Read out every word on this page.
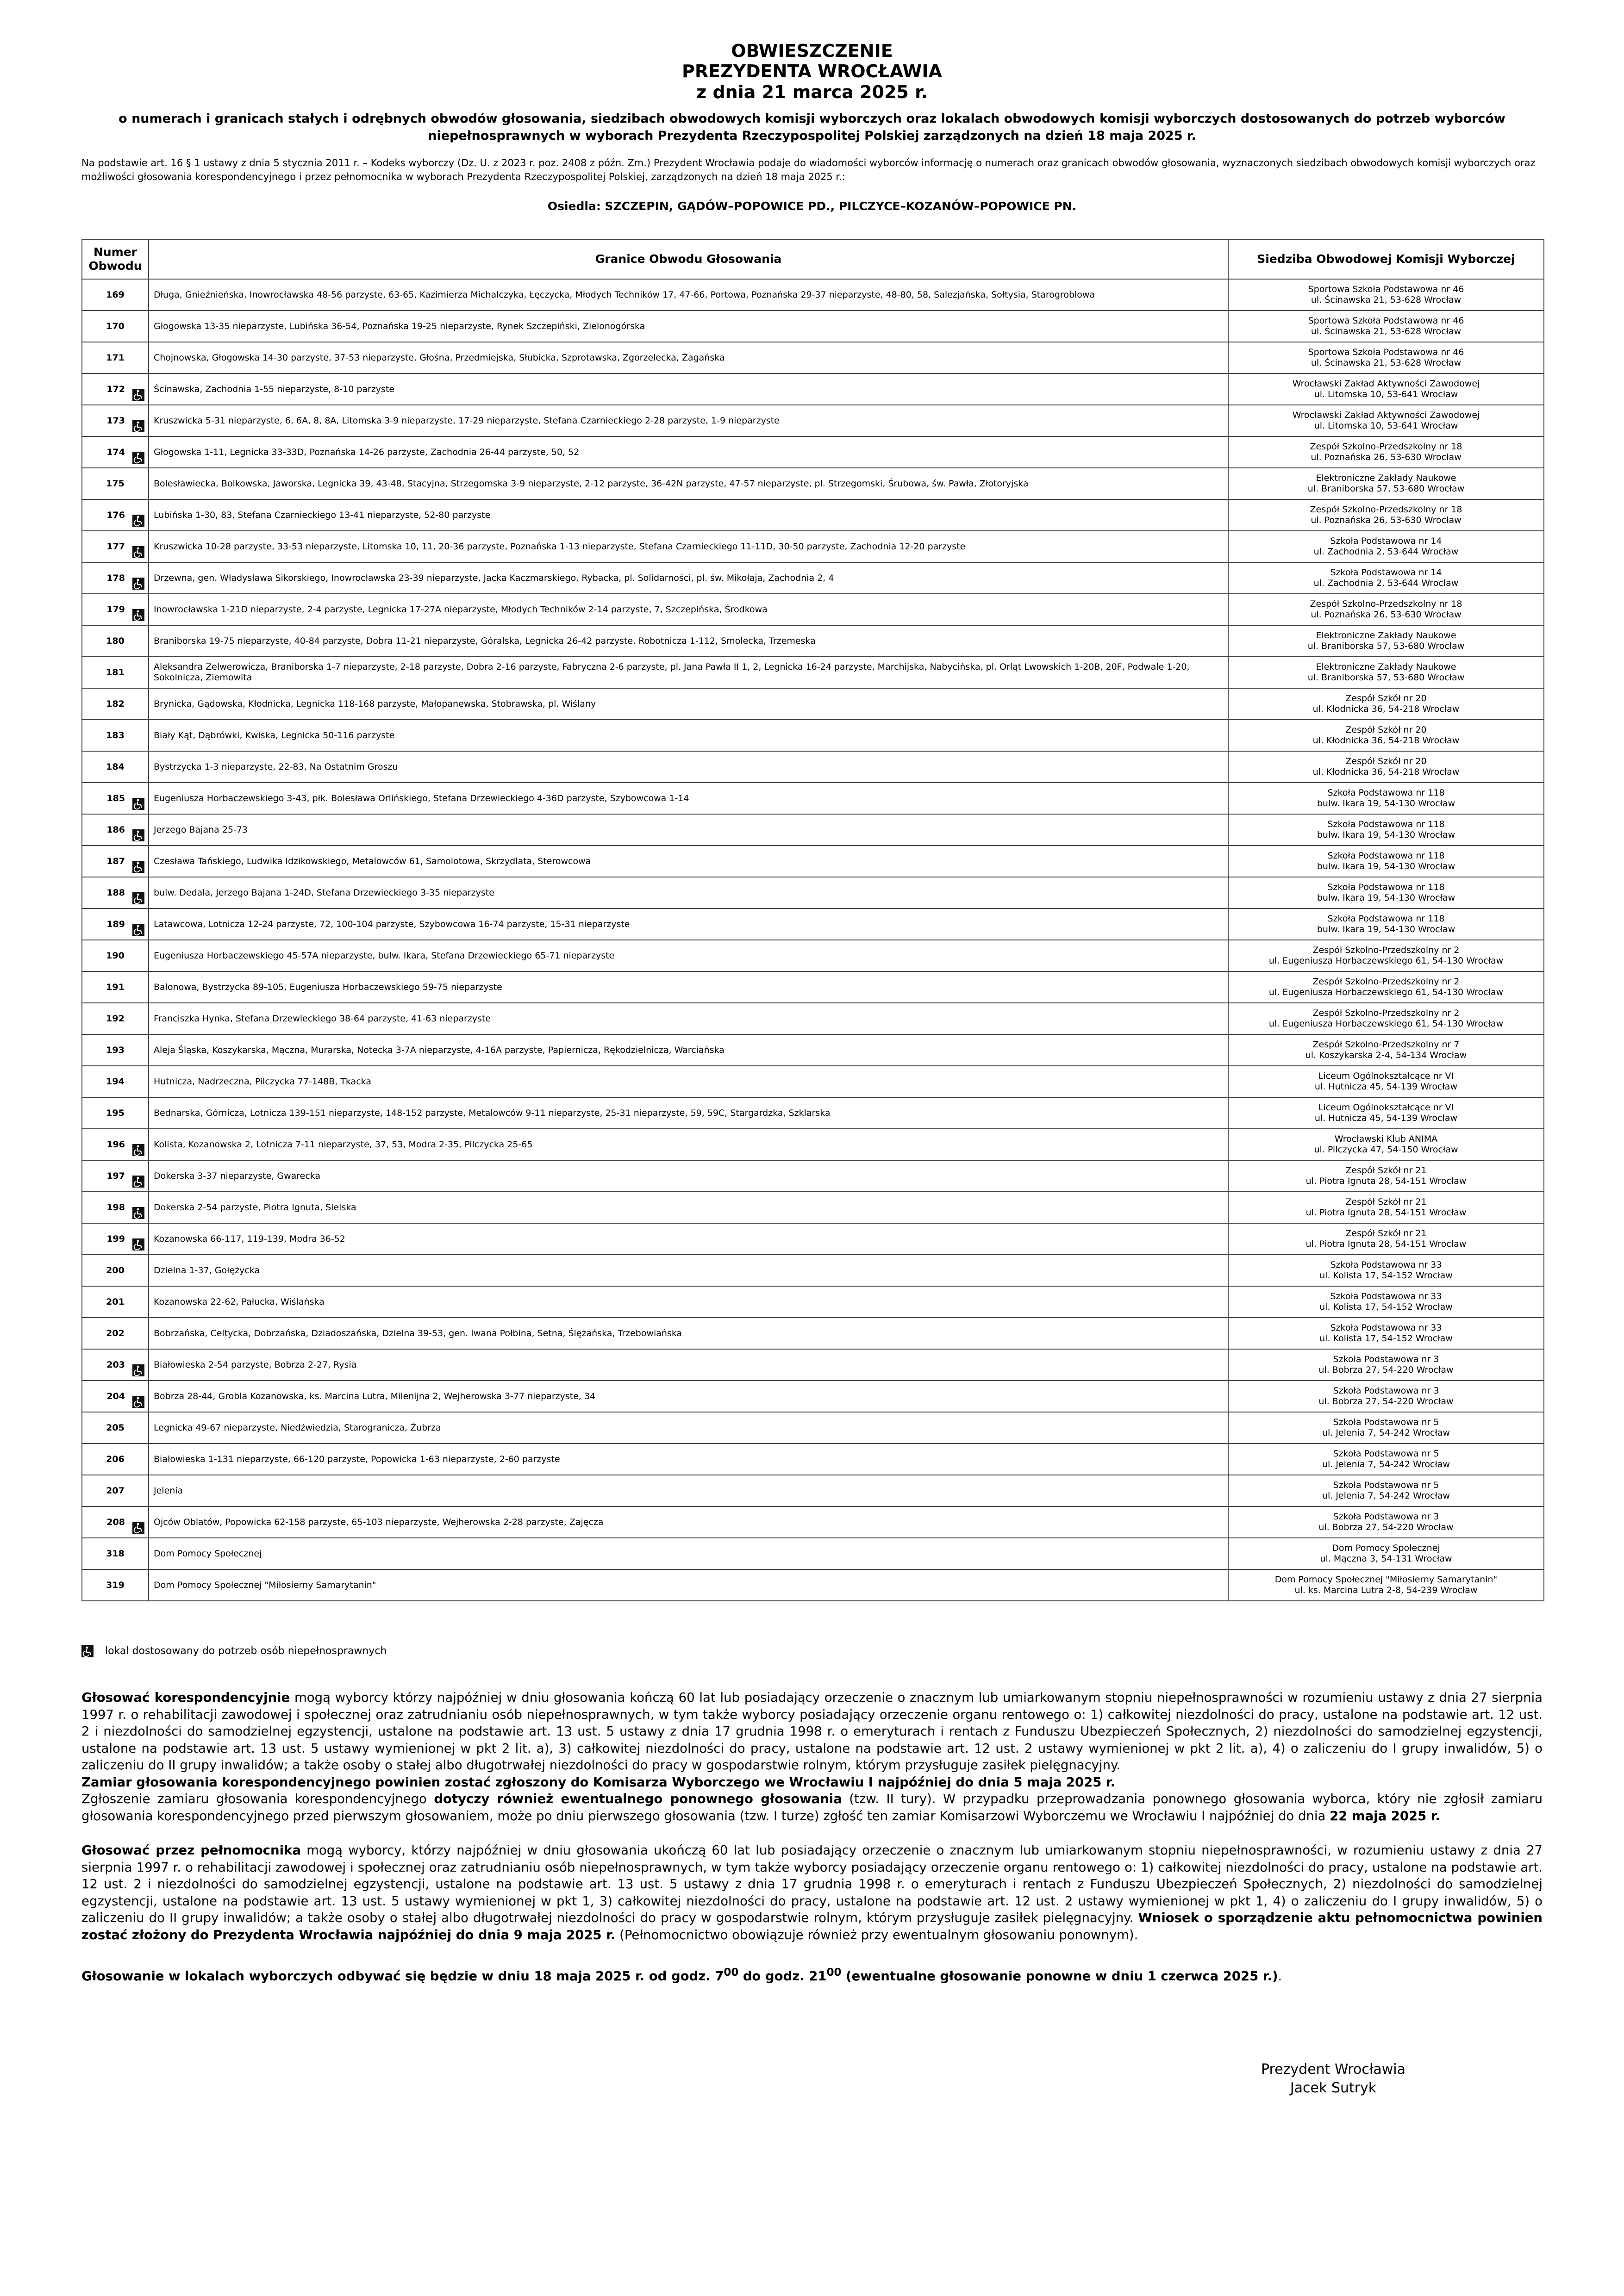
OBWIESZCZENIE
PREZYDENTA WROCŁAWIA
z dnia 21 marca 2025 r.
o numerach i granicach stałych i odrębnych obwodów głosowania, siedzibach obwodowych komisji wyborczych oraz lokalach obwodowych komisji wyborczych dostosowanych do potrzeb wyborców niepełnosprawnych w wyborach Prezydenta Rzeczypospolitej Polskiej zarządzonych na dzień 18 maja 2025 r.
Na podstawie art. 16 § 1 ustawy z dnia 5 stycznia 2011 r. – Kodeks wyborczy (Dz. U. z 2023 r. poz. 2408 z późn. Zm.) Prezydent Wrocławia podaje do wiadomości wyborców informację o numerach oraz granicach obwodów głosowania, wyznaczonych siedzibach obwodowych komisji wyborczych oraz możliwości głosowania korespondencyjnego i przez pełnomocnika w wyborach Prezydenta Rzeczypospolitej Polskiej, zarządzonych na dzień 18 maja 2025 r.:
Osiedla: SZCZEPIN, GĄDÓW–POPOWICE PD., PILCZYCE–KOZANÓW–POPOWICE PN.
Numer Obwodu	Granice Obwodu Głosowania	Siedziba Obwodowej Komisji Wyborczej
169	Długa, Gnieźnieńska, Inowrocławska 48-56 parzyste, 63-65, Kazimierza Michalczyka, Łęczycka, Młodych Techników 17, 47-66, Portowa, Poznańska 29-37 nieparzyste, 48-80, 58, Salezjańska, Sołtysia, Starogroblowa	Sportowa Szkoła Podstawowa nr 46
ul. Ścinawska 21, 53-628 Wrocław

170	Głogowska 13-35 nieparzyste, Lubińska 36-54, Poznańska 19-25 nieparzyste, Rynek Szczepiński, Zielonogórska	Sportowa Szkoła Podstawowa nr 46
ul. Ścinawska 21, 53-628 Wrocław

171	Chojnowska, Głogowska 14-30 parzyste, 37-53 nieparzyste, Głośna, Przedmiejska, Słubicka, Szprotawska, Zgorzelecka, Żagańska	Sportowa Szkoła Podstawowa nr 46
ul. Ścinawska 21, 53-628 Wrocław

172	Ścinawska, Zachodnia 1-55 nieparzyste, 8-10 parzyste	Wrocławski Zakład Aktywności Zawodowej
ul. Litomska 10, 53-641 Wrocław

173	Kruszwicka 5-31 nieparzyste, 6, 6A, 8, 8A, Litomska 3-9 nieparzyste, 17-29 nieparzyste, Stefana Czarnieckiego 2-28 parzyste, 1-9 nieparzyste	Wrocławski Zakład Aktywności Zawodowej
ul. Litomska 10, 53-641 Wrocław

174	Głogowska 1-11, Legnicka 33-33D, Poznańska 14-26 parzyste, Zachodnia 26-44 parzyste, 50, 52	Zespół Szkolno-Przedszkolny nr 18
ul. Poznańska 26, 53-630 Wrocław

175	Bolesławiecka, Bolkowska, Jaworska, Legnicka 39, 43-48, Stacyjna, Strzegomska 3-9 nieparzyste, 2-12 parzyste, 36-42N parzyste, 47-57 nieparzyste, pl. Strzegomski, Śrubowa, św. Pawła, Złotoryjska	Elektroniczne Zakłady Naukowe
ul. Braniborska 57, 53-680 Wrocław

176	Lubińska 1-30, 83, Stefana Czarnieckiego 13-41 nieparzyste, 52-80 parzyste	Zespół Szkolno-Przedszkolny nr 18
ul. Poznańska 26, 53-630 Wrocław

177	Kruszwicka 10-28 parzyste, 33-53 nieparzyste, Litomska 10, 11, 20-36 parzyste, Poznańska 1-13 nieparzyste, Stefana Czarnieckiego 11-11D, 30-50 parzyste, Zachodnia 12-20 parzyste	Szkoła Podstawowa nr 14
ul. Zachodnia 2, 53-644 Wrocław

178	Drzewna, gen. Władysława Sikorskiego, Inowrocławska 23-39 nieparzyste, Jacka Kaczmarskiego, Rybacka, pl. Solidarności, pl. św. Mikołaja, Zachodnia 2, 4	Szkoła Podstawowa nr 14
ul. Zachodnia 2, 53-644 Wrocław

179	Inowrocławska 1-21D nieparzyste, 2-4 parzyste, Legnicka 17-27A nieparzyste, Młodych Techników 2-14 parzyste, 7, Szczepińska, Środkowa	Zespół Szkolno-Przedszkolny nr 18
ul. Poznańska 26, 53-630 Wrocław

180	Braniborska 19-75 nieparzyste, 40-84 parzyste, Dobra 11-21 nieparzyste, Góralska, Legnicka 26-42 parzyste, Robotnicza 1-112, Smolecka, Trzemeska	Elektroniczne Zakłady Naukowe
ul. Braniborska 57, 53-680 Wrocław

181	Aleksandra Zelwerowicza, Braniborska 1-7 nieparzyste, 2-18 parzyste, Dobra 2-16 parzyste, Fabryczna 2-6 parzyste, pl. Jana Pawła II 1, 2, Legnicka 16-24 parzyste, Marchijska, Nabycińska, pl. Orląt Lwowskich 1-20B, 20F, Podwale 1-20, Sokolnicza, Ziemowita	Elektroniczne Zakłady Naukowe
ul. Braniborska 57, 53-680 Wrocław

182	Brynicka, Gądowska, Kłodnicka, Legnicka 118-168 parzyste, Małopanewska, Stobrawska, pl. Wiślany	Zespół Szkół nr 20
ul. Kłodnicka 36, 54-218 Wrocław

183	Biały Kąt, Dąbrówki, Kwiska, Legnicka 50-116 parzyste	Zespół Szkół nr 20
ul. Kłodnicka 36, 54-218 Wrocław

184	Bystrzycka 1-3 nieparzyste, 22-83, Na Ostatnim Groszu	Zespół Szkół nr 20
ul. Kłodnicka 36, 54-218 Wrocław

185	Eugeniusza Horbaczewskiego 3-43, płk. Bolesława Orlińskiego, Stefana Drzewieckiego 4-36D parzyste, Szybowcowa 1-14	Szkoła Podstawowa nr 118
bulw. Ikara 19, 54-130 Wrocław

186	Jerzego Bajana 25-73	Szkoła Podstawowa nr 118
bulw. Ikara 19, 54-130 Wrocław

187	Czesława Tańskiego, Ludwika Idzikowskiego, Metalowców 61, Samolotowa, Skrzydlata, Sterowcowa	Szkoła Podstawowa nr 118
bulw. Ikara 19, 54-130 Wrocław

188	bulw. Dedala, Jerzego Bajana 1-24D, Stefana Drzewieckiego 3-35 nieparzyste	Szkoła Podstawowa nr 118
bulw. Ikara 19, 54-130 Wrocław

189	Latawcowa, Lotnicza 12-24 parzyste, 72, 100-104 parzyste, Szybowcowa 16-74 parzyste, 15-31 nieparzyste	Szkoła Podstawowa nr 118
bulw. Ikara 19, 54-130 Wrocław

190	Eugeniusza Horbaczewskiego 45-57A nieparzyste, bulw. Ikara, Stefana Drzewieckiego 65-71 nieparzyste	Zespół Szkolno-Przedszkolny nr 2
ul. Eugeniusza Horbaczewskiego 61, 54-130 Wrocław

191	Balonowa, Bystrzycka 89-105, Eugeniusza Horbaczewskiego 59-75 nieparzyste	Zespół Szkolno-Przedszkolny nr 2
ul. Eugeniusza Horbaczewskiego 61, 54-130 Wrocław

192	Franciszka Hynka, Stefana Drzewieckiego 38-64 parzyste, 41-63 nieparzyste	Zespół Szkolno-Przedszkolny nr 2
ul. Eugeniusza Horbaczewskiego 61, 54-130 Wrocław

193	Aleja Śląska, Koszykarska, Mączna, Murarska, Notecka 3-7A nieparzyste, 4-16A parzyste, Papiernicza, Rękodzielnicza, Warciańska	Zespół Szkolno-Przedszkolny nr 7
ul. Koszykarska 2-4, 54-134 Wrocław

194	Hutnicza, Nadrzeczna, Pilczycka 77-148B, Tkacka	Liceum Ogólnokształcące nr VI
ul. Hutnicza 45, 54-139 Wrocław

195	Bednarska, Górnicza, Lotnicza 139-151 nieparzyste, 148-152 parzyste, Metalowców 9-11 nieparzyste, 25-31 nieparzyste, 59, 59C, Stargardzka, Szklarska	Liceum Ogólnokształcące nr VI
ul. Hutnicza 45, 54-139 Wrocław

196	Kolista, Kozanowska 2, Lotnicza 7-11 nieparzyste, 37, 53, Modra 2-35, Pilczycka 25-65	Wrocławski Klub ANIMA
ul. Pilczycka 47, 54-150 Wrocław

197	Dokerska 3-37 nieparzyste, Gwarecka	Zespół Szkół nr 21
ul. Piotra Ignuta 28, 54-151 Wrocław

198	Dokerska 2-54 parzyste, Piotra Ignuta, Sielska	Zespół Szkół nr 21
ul. Piotra Ignuta 28, 54-151 Wrocław

199	Kozanowska 66-117, 119-139, Modra 36-52	Zespół Szkół nr 21
ul. Piotra Ignuta 28, 54-151 Wrocław

200	Dzielna 1-37, Gołężycka	Szkoła Podstawowa nr 33
ul. Kolista 17, 54-152 Wrocław

201	Kozanowska 22-62, Pałucka, Wiślańska	Szkoła Podstawowa nr 33
ul. Kolista 17, 54-152 Wrocław

202	Bobrzańska, Celtycka, Dobrzańska, Dziadoszańska, Dzielna 39-53, gen. Iwana Połbina, Setna, Ślężańska, Trzebowiańska	Szkoła Podstawowa nr 33
ul. Kolista 17, 54-152 Wrocław

203	Białowieska 2-54 parzyste, Bobrza 2-27, Rysia	Szkoła Podstawowa nr 3
ul. Bobrza 27, 54-220 Wrocław

204	Bobrza 28-44, Grobla Kozanowska, ks. Marcina Lutra, Milenijna 2, Wejherowska 3-77 nieparzyste, 34	Szkoła Podstawowa nr 3
ul. Bobrza 27, 54-220 Wrocław

205	Legnicka 49-67 nieparzyste, Niedźwiedzia, Starogranicza, Żubrza	Szkoła Podstawowa nr 5
ul. Jelenia 7, 54-242 Wrocław

206	Białowieska 1-131 nieparzyste, 66-120 parzyste, Popowicka 1-63 nieparzyste, 2-60 parzyste	Szkoła Podstawowa nr 5
ul. Jelenia 7, 54-242 Wrocław

207	Jelenia	Szkoła Podstawowa nr 5
ul. Jelenia 7, 54-242 Wrocław

208	Ojców Oblatów, Popowicka 62-158 parzyste, 65-103 nieparzyste, Wejherowska 2-28 parzyste, Zajęcza	Szkoła Podstawowa nr 3
ul. Bobrza 27, 54-220 Wrocław

318	Dom Pomocy Społecznej	Dom Pomocy Społecznej
ul. Mączna 3, 54-131 Wrocław

319	Dom Pomocy Społecznej "Miłosierny Samarytanin"	Dom Pomocy Społecznej "Miłosierny Samarytanin"
ul. ks. Marcina Lutra 2-8, 54-239 Wrocław
lokal dostosowany do potrzeb osób niepełnosprawnych
Głosować korespondencyjnie mogą wyborcy którzy najpóźniej w dniu głosowania kończą 60 lat lub posiadający orzeczenie o znacznym lub umiarkowanym stopniu niepełnosprawności w rozumieniu ustawy z dnia 27 sierpnia 1997 r. o rehabilitacji zawodowej i społecznej oraz zatrudnianiu osób niepełnosprawnych, w tym także wyborcy posiadający orzeczenie organu rentowego o: 1) całkowitej niezdolności do pracy, ustalone na podstawie art. 12 ust. 2 i niezdolności do samodzielnej egzystencji, ustalone na podstawie art. 13 ust. 5 ustawy z dnia 17 grudnia 1998 r. o emeryturach i rentach z Funduszu Ubezpieczeń Społecznych, 2) niezdolności do samodzielnej egzystencji, ustalone na podstawie art. 13 ust. 5 ustawy wymienionej w pkt 2 lit. a), 3) całkowitej niezdolności do pracy, ustalone na podstawie art. 12 ust. 2 ustawy wymienionej w pkt 2 lit. a), 4) o zaliczeniu do I grupy inwalidów, 5) o zaliczeniu do II grupy inwalidów; a także osoby o stałej albo długotrwałej niezdolności do pracy w gospodarstwie rolnym, którym przysługuje zasiłek pielęgnacyjny.
Zamiar głosowania korespondencyjnego powinien zostać zgłoszony do Komisarza Wyborczego we Wrocławiu I najpóźniej do dnia 5 maja 2025 r.
Zgłoszenie zamiaru głosowania korespondencyjnego dotyczy również ewentualnego ponownego głosowania (tzw. II tury). W przypadku przeprowadzania ponownego głosowania wyborca, który nie zgłosił zamiaru głosowania korespondencyjnego przed pierwszym głosowaniem, może po dniu pierwszego głosowania (tzw. I turze) zgłość ten zamiar Komisarzowi Wyborczemu we Wrocławiu I najpóźniej do dnia 22 maja 2025 r.
Głosować przez pełnomocnika mogą wyborcy, którzy najpóźniej w dniu głosowania ukończą 60 lat lub posiadający orzeczenie o znacznym lub umiarkowanym stopniu niepełnosprawności, w rozumieniu ustawy z dnia 27 sierpnia 1997 r. o rehabilitacji zawodowej i społecznej oraz zatrudnianiu osób niepełnosprawnych, w tym także wyborcy posiadający orzeczenie organu rentowego o: 1) całkowitej niezdolności do pracy, ustalone na podstawie art. 12 ust. 2 i niezdolności do samodzielnej egzystencji, ustalone na podstawie art. 13 ust. 5 ustawy z dnia 17 grudnia 1998 r. o emeryturach i rentach z Funduszu Ubezpieczeń Społecznych, 2) niezdolności do samodzielnej egzystencji, ustalone na podstawie art. 13 ust. 5 ustawy wymienionej w pkt 1, 3) całkowitej niezdolności do pracy, ustalone na podstawie art. 12 ust. 2 ustawy wymienionej w pkt 1, 4) o zaliczeniu do I grupy inwalidów, 5) o zaliczeniu do II grupy inwalidów; a także osoby o stałej albo długotrwałej niezdolności do pracy w gospodarstwie rolnym, którym przysługuje zasiłek pielęgnacyjny. Wniosek o sporządzenie aktu pełnomocnictwa powinien zostać złożony do Prezydenta Wrocławia najpóźniej do dnia 9 maja 2025 r. (Pełnomocnictwo obowiązuje również przy ewentualnym głosowaniu ponownym).
Głosowanie w lokalach wyborczych odbywać się będzie w dniu 18 maja 2025 r. od godz. $7^{00}$ do godz. $21^{00}$ (ewentualne głosowanie ponowne w dniu 1 czerwca 2025 r.).
Prezydent Wrocławia
Jacek Sutryk
